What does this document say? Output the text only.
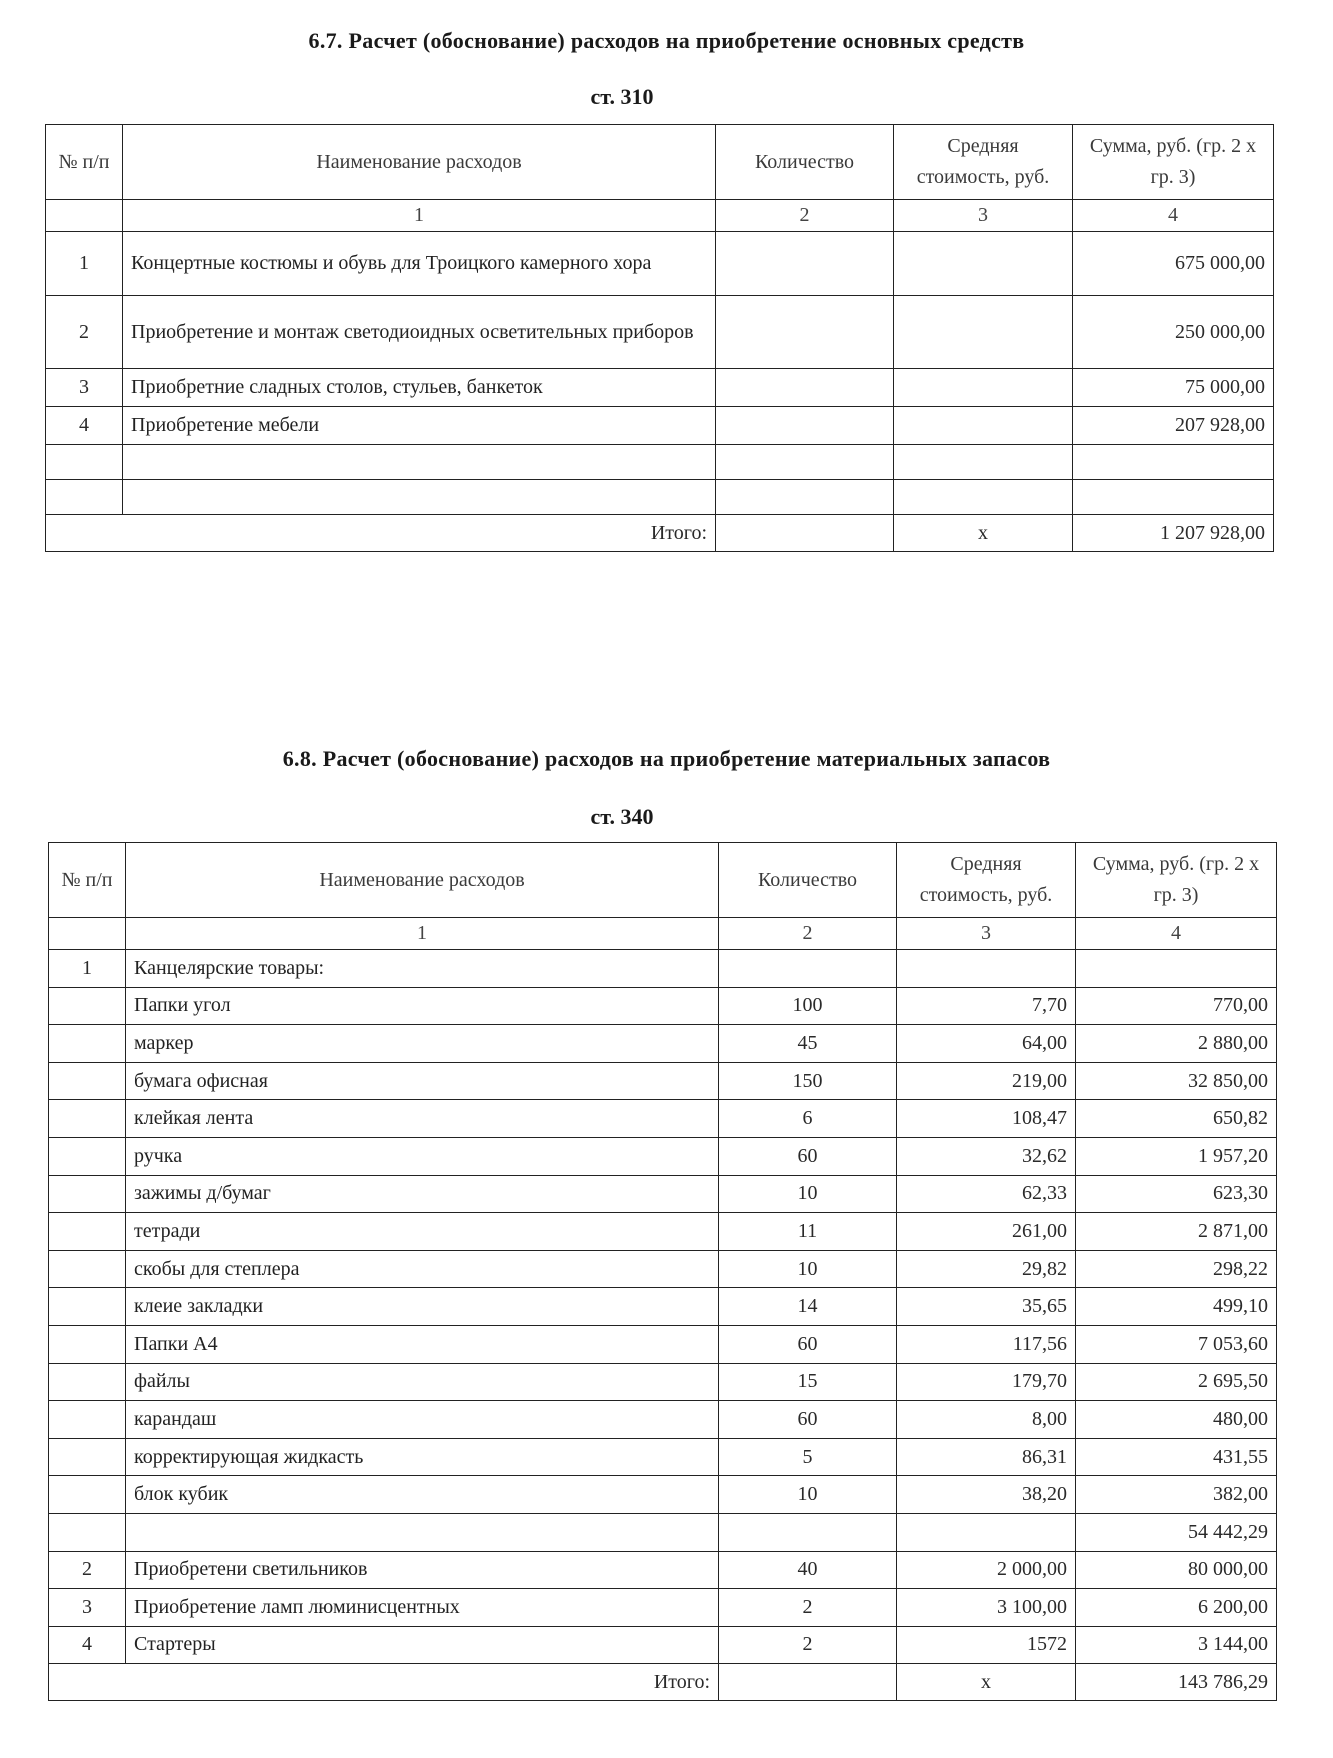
6.7. Расчет (обоснование) расходов на приобретение основных средств
ст. 310
№ п/п	Наименование расходов	Количество	Средняя стоимость, руб.	Сумма, руб. (гр. 2 x гр. 3)
	1	2	3	4
1	Концертные костюмы и обувь для Троицкого камерного хора			675 000,00
2	Приобретение и монтаж светодиоидных осветительных приборов			250 000,00
3	Приобретние сладных столов, стульев, банкеток			75 000,00
4	Приобретение мебели			207 928,00

Итого:			х	1 207 928,00
6.8. Расчет (обоснование) расходов на приобретение материальных запасов
ст. 340
№ п/п	Наименование расходов	Количество	Средняя стоимость, руб.	Сумма, руб. (гр. 2 x гр. 3)
	1	2	3	4
1	Канцелярские товары:			
	Папки угол	100	7,70	770,00
	маркер	45	64,00	2 880,00
	бумага офисная	150	219,00	32 850,00
	клейкая лента	6	108,47	650,82
	ручка	60	32,62	1 957,20
	зажимы д/бумаг	10	62,33	623,30
	тетради	11	261,00	2 871,00
	скобы для степлера	10	29,82	298,22
	клеие закладки	14	35,65	499,10
	Папки А4	60	117,56	7 053,60
	файлы	15	179,70	2 695,50
	карандаш	60	8,00	480,00
	корректирующая жидкасть	5	86,31	431,55
	блок кубик	10	38,20	382,00
				54 442,29
2	Приобретени светильников	40	2 000,00	80 000,00
3	Приобретение ламп люминисцентных	2	3 100,00	6 200,00
4	Стартеры	2	1572	3 144,00
Итого:			х	143 786,29
